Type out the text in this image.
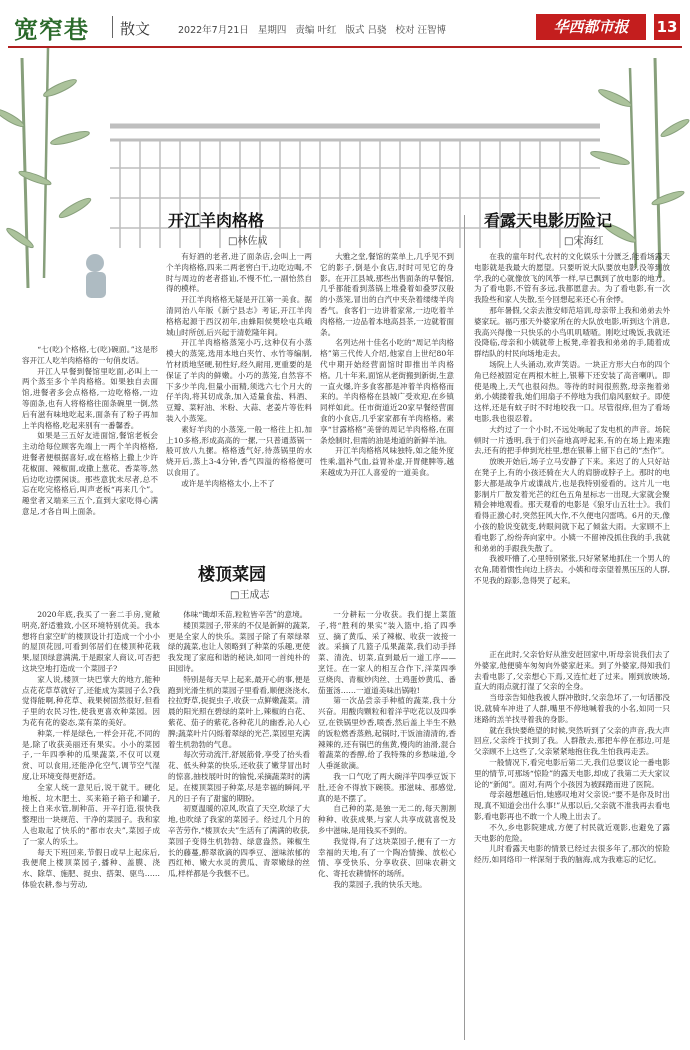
宽窄巷 散文	2022年7月21日 星期四 责编 叶红 版式 吕骁 校对 汪智博	华西都市报	13
开江羊肉格格
□林佐成

“七(吃)个格格,七(吃)碗面。”这是形容开江人吃羊肉格格的一句俏皮话。

开江人早餐到餐馆里吃面,必叫上一两个蒸至多个羊肉格格。如果独自去面馆,进餐者多会点格格,一边吃格格,一边等面条,也有人将格格往面条碗里一倒,然后有滋有味地吃起来,面条有了粉子再加上羊肉格格,吃起来别有一番馨香。

如果是三五好友进面馆,餐馆老板会主动给每位顾客先端上一两个羊肉格格,进餐者便根据喜好,或在格格上撒上少许花椒面、辣椒面,或撒上葱花、香菜等,然后边吃边摆闲谈。那些意犹未尽者,总不忘在吃完格格后,叫声老板“再来几个”。趣堂者又端来三五个,直到大家吃得心满意足,才各自叫上面条。

有好酒的老者,进了面条店,会叫上一两个羊肉格格,四来二两老窖白干,边吃边喝,不时与周边的老者搭讪,不慢不忙,一副怡然自得的模样。

开江羊肉格格无疑是开江第一美食。据清同治八年版《新宁县志》考证,开江羊肉格格起源于西汉初年,由蜂阳侯樊哙屯兵峨城山时所创,后兴起于清乾隆年间。

开江羊肉格格蒸笼小巧,这种仅有小蒸模大的蒸笼,选用本地白夹竹、水竹等编制,竹材质地坚硬,韧性好,经久耐用,更重要的是保证了羊肉的鲜嫩。小巧的蒸笼,自然容不下多少羊肉,但量小而精,须选六七个月大的仔羊肉,将其切成条,加入适量食盐、料酒、豆瓣、菜籽油、米粉、大蒜、老姜片等佐料装入小蒸笼。

素好羊肉的小蒸笼,一般一格往上扣,加上10多格,形成高高的一摞,一只普通蒸锅一般可放八九摞。格格透气好,待蒸锅里的水烧开后,蒸上3-4分钟,香气四溢的格格便可以食用了。

或许是羊肉格格太小,上不了

大雅之堂,餐馆的菜单上,几乎见不到它的影子,倒是小食店,时时可见它的身影。在开江县城,那些出售面条的早餐馆,几乎都能看到蒸锅上堆叠着如叠罗汉般的小蒸笼,冒出的白汽中夹杂着缕缕羊肉香气。食客们一边讲着家常,一边吃着羊肉格格,一边品着本地高县茶,一边就着面条。

名列达州十佳名小吃的“周记羊肉格格”第三代传人介绍,他家自上世纪80年代中期开始经营面馆时即推出羊肉格格。几十年来,面馆从老街搬到新街,生意一直火爆,许多食客都是冲着羊肉格格而来的。羊肉格格在县城广受欢迎,在乡镇同样如此。任市街道近20家早餐经营面食的小食店,几乎家家都有羊肉格格。素享“甘露格格”美誉的周记羊肉格格,在面条烩制时,但需的油是地道的新鲜羊油。

开江羊肉格格风味独特,如之能外度性乘,温补气血,益胃补虚,开胃健脾等,越来越成为开江人喜爱的一道美食。

楼顶菜园
□王成志

2020年底,我买了一套二手房,宽敞明亮,舒适雅致,小区环境特别优美。我本想将自家空旷的楼顶设计打造成一个小小的屋顶花园,可看到邻居们在楼顶种花栽果,屋顶绿意满满,于是跟家人商议,可否把这块空地打造成一个菜园子?

家人说,楼顶一块巴掌大的地方,能种点花花草草就好了,还能成为菜园子么?我觉得能啊,种花草、栽果树固然很好,但看子里的农民习性,使我更喜欢种菜园。因为花有花的姿态,菜有菜的美好。

种菜,一样是绿色,一样会开花,不同的是,除了收获美丽还有果实。小小的菜园子,一年四季种的瓜果蔬菜,不仅可以观赏、可以食用,还能净化空气,调节空气湿度,让环境变得更舒适。

全家人统一意见后,说干就干。硬化地板、垃木肥土、买来箱子箱子和罐子,接上自来水管,制种苗、开辛打造,很快我整理出一块规范、干净的菜园子。我和家人也取起了快乐的“都市农夫”,菜园子成了一家人的乐土。

每天下班回来,节假日或早上起床后,我便爬上楼顶菜园子,播种、盖膜、浇水、除草、施肥、捉虫、搭架、驱鸟……体验农耕,参与劳动,

体味“锄却禾苗,粒粒皆辛苦”的意境。

楼顶菜园子,带来的不仅是新鲜的蔬菜,更是全家人的快乐。菜园子除了有翠绿翠绿的蔬菜,也让人领略到了种菜的乐趣,更使我发现了家庭和谐的秘诀,如同一首纯朴的田园诗。

特别是每天早上起来,最开心的事,便是跑到光滑生机的菜园子里看看,顺便浇浇水,拉拉野草,捉捉虫子,收获一点鲜嫩蔬菜。清晨的阳光照在碧绿的菜叶上,辣椒的白花、紫花、茄子的紫花,各种花儿的幽香,沁人心脾;蔬菜叶片闪烁着翠绿的光芒,菜园里充满着生机勃勃的气息。

每次劳动流汗,舒展筋骨,享受了抬头看花、低头种菜的快乐,还收获了嫩芽冒出时的惊喜,抽枝展叶时的愉悦,采摘蔬菜时的满足。在楼顶菜园子种菜,尽是幸福的瞬间,平凡的日子有了甜蜜的期盼。

初夏温暖的凉风,吹直了天空,吹绿了大地,也吹绿了我家的菜园子。经过几个月的辛苦劳作,“楼顶农夫”生活有了满满的收获,菜园子变得生机勃勃、绿意盎然。辣椒生长的藤蔓,醉翠欲滴的四季豆、滋味浓郁的西红柿、嫩大水灵的黄瓜、青翠嫩绿的丝瓜,样样都是今我惬不已。

一分耕耘一分收获。我们提上菜篮子,将“胜利的果实”装入篮中,掐了四季豆、摘了黄瓜、采了辣椒、收获一波接一波。采摘了几篮子瓜果蔬菜,我们动手择菜、清洗、切菜,直到最后一道工序——烹饪。在一家人的相互合作下,洋菜四季豆烧肉、青椒炒肉丝、土鸡蛋炒黄瓜、番茄蛋汤……一道道美味出锅啦!

第一次品尝亲手种植的蔬菜,我十分兴奋。用酸肉颗粒和着洋芋吃花以及四季豆,在铁锅里炒香,喷香,然后盖上半生不熟的饭粒燃香蒸熟,起锅时,干饭油清清的,香辣辣的,还有锅巴的焦黄,慢肉的油滑,混合着蔬菜的香醇,给了我特殊的乡愁味道,令人垂涎欲滴。

我一口气吃了两大碗洋芋四季豆饭下肚,还舍不得放下碗筷。那滋味、那感觉,真的是不摆了。

自己种的菜,是独一无二的,每天割割种种、收获成果,与家人共享成就喜悦及乡中滋味,是用钱买不到的。

我觉得,有了这块菜园子,便有了一方幸福的天地,有了一个陶冶情操、放松心情、享受快乐、分享收获、回味农耕文化、寄托农耕情怀的场所。

我的菜园子,我的快乐天地。

看露天电影历险记
□宋海红

在我的童年时代,农村的文化娱乐十分匮乏,能看场露天电影就是我最大的愿望。只要听说大队要放电影,没等到放学,我的心就像放飞的风筝一样,早已飘到了放电影的地方。为了看电影,不管有多远,我都愿意去。为了看电影,有一次我险些和家人失散,至今回想起来还心有余悸。

那年暑假,父亲去淮安师范培训,母亲带上我和弟弟去外婆家玩。福巧那天外婆家所在的大队放电影,听到这个消息,我高兴得像一只快乐的小鸟叽叽喳喳。刚吃过晚饭,我就还没降临,母亲和小姨就带上板凳,牵着我和弟弟的手,随着成群结队的村民向场地走去。

场院上人头涌动,欢声笑语。一块正方形大白布的四个角已经被固定在两根木桩上,银幕下还安装了高音喇叭。即使是晚上,天气也很闷热。等待的时间很煎熬,母亲拖着弟弟,小姨搂着我,她们用扇子不停地为我们扇风驱蚊子。即使这样,还是有蚊子时不时地咬我一口。尽管很痒,但为了看场电影,我也很忍着。

大约过了一个小时,不远处响起了发电机的声音。场院顿时一片透明,我于们兴奋地高呼起来,有的在场上跑来跑去,还有的把手伸到光柱里,想在银幕上留下自己的“杰作”。

放映开始后,场子立马安静了下来。来迟了的人只好站在凳子上,有的小孩还骑在大人的肩膀或脖子上。那时的电影大都是战争片或谍战片,也是我特别爱看的。这片儿一电影制片厂散发着光芒的红色五角星标志一出现,大家就会聚精会神地观看。那天观看的电影是《狼牙山五壮士》。我们看得正激心时,突然狂风大作,不久便电闪雷鸣。6月的天,像小孩的脸说变就变,转眼间就下起了倾盆大雨。大家顾不上看电影了,纷纷奔向家中。小姨一不留神没抓住我的手,我就和弟弟的手跟我失散了。

我被吓懵了,心里特别紧张,只好紧紧地抓住一个男人的衣角,随着惯性向边上挤去。小姨和母亲望着黑压压的人群,不见我的踪影,急得哭了起来。

正在此时,父亲恰好从淮安赶回家中,听母亲说我们去了外婆家,他便骑车匆匆向外婆家赶来。到了外婆家,得知我们去看电影了,父亲想心下焉,又连忙赶了过来。刚到放映场,直大的雨点就打湿了父亲的全身。

当母亲告知他我被人群冲散时,父亲急坏了,一句话都没说,就骑车冲进了人群,嘴里不停地喊着我的小名,如同一只迷路的羔羊找寻着我的身影。

就在我快要绝望的时候,突然听到了父亲的声音,我大声回应,父亲终于找到了我。人群散去,那把车停在那边,可是父亲顾不上这些了,父亲紧紧地抱住我,生怕我再走丢。

一般情况下,看完电影后第二天,我们总要议论一番电影里的情节,可那场“惊险”的露天电影,却成了我第二天大家议论的“新闻”。面对,有两个小孩因为被踩踏而进了医院。

母亲越想越后怕,她感叹地对父亲说:“要不是你及时出现,真不知道会出什么事!”从那以后,父亲就不准我再去看电影,看电影再也不敢一个人晚上出去了。

不久,乡电影院建成,方便了村民就近观影,也避免了露天电影的危险。

儿时看露天电影的情景已经过去很多年了,那次的惊险经历,如同络印一样深刻于我的脑海,成为我难忘的记忆。
